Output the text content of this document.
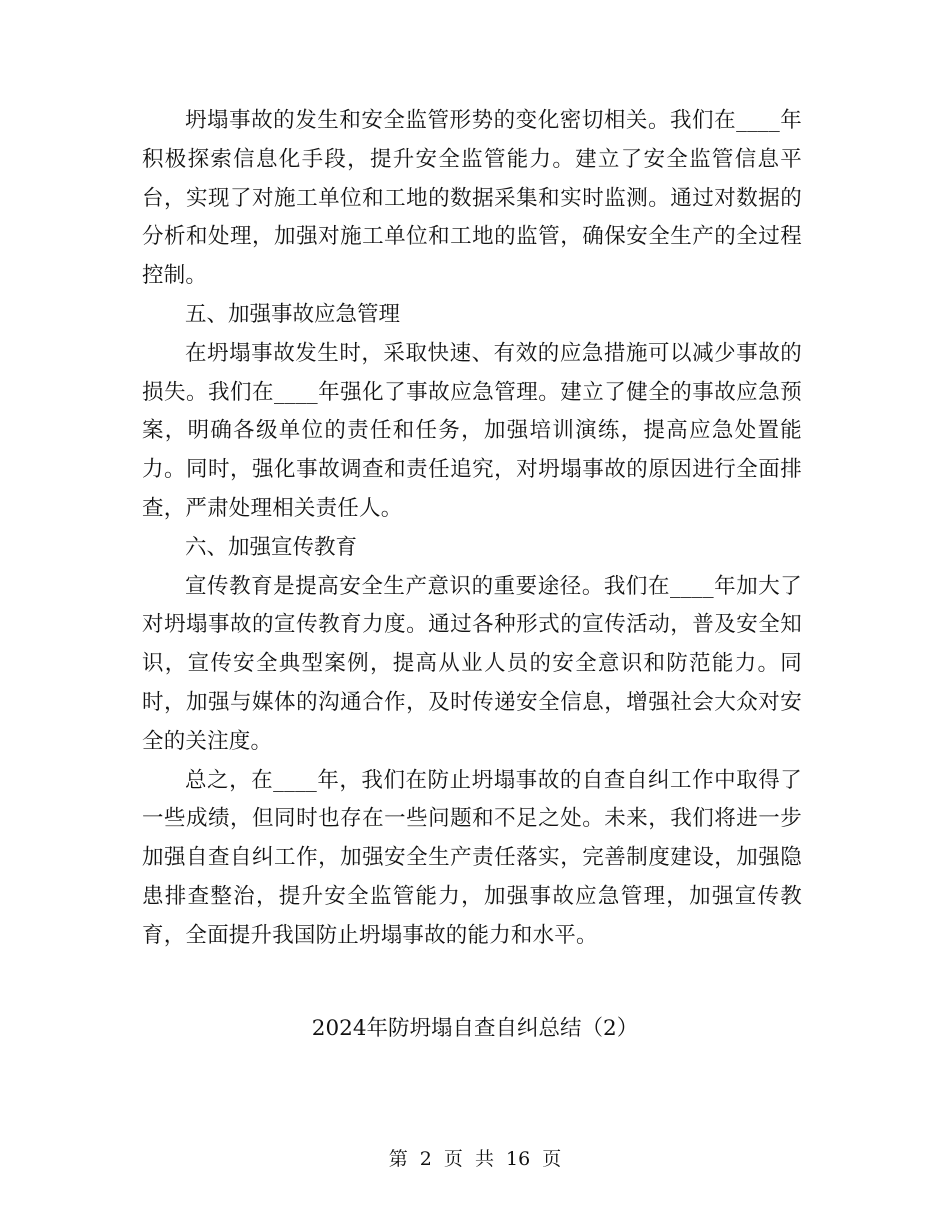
坍塌事故的发生和安全监管形势的变化密切相关。我们在____年积极探索信息化手段，提升安全监管能力。建立了安全监管信息平台，实现了对施工单位和工地的数据采集和实时监测。通过对数据的分析和处理，加强对施工单位和工地的监管，确保安全生产的全过程控制。

五、加强事故应急管理

在坍塌事故发生时，采取快速、有效的应急措施可以减少事故的损失。我们在____年强化了事故应急管理。建立了健全的事故应急预案，明确各级单位的责任和任务，加强培训演练，提高应急处置能力。同时，强化事故调查和责任追究，对坍塌事故的原因进行全面排查，严肃处理相关责任人。

六、加强宣传教育

宣传教育是提高安全生产意识的重要途径。我们在____年加大了对坍塌事故的宣传教育力度。通过各种形式的宣传活动，普及安全知识，宣传安全典型案例，提高从业人员的安全意识和防范能力。同时，加强与媒体的沟通合作，及时传递安全信息，增强社会大众对安全的关注度。

总之，在____年，我们在防止坍塌事故的自查自纠工作中取得了一些成绩，但同时也存在一些问题和不足之处。未来，我们将进一步加强自查自纠工作，加强安全生产责任落实，完善制度建设，加强隐患排查整治，提升安全监管能力，加强事故应急管理，加强宣传教育，全面提升我国防止坍塌事故的能力和水平。

2024年防坍塌自查自纠总结（2）

第 2 页 共 16 页
